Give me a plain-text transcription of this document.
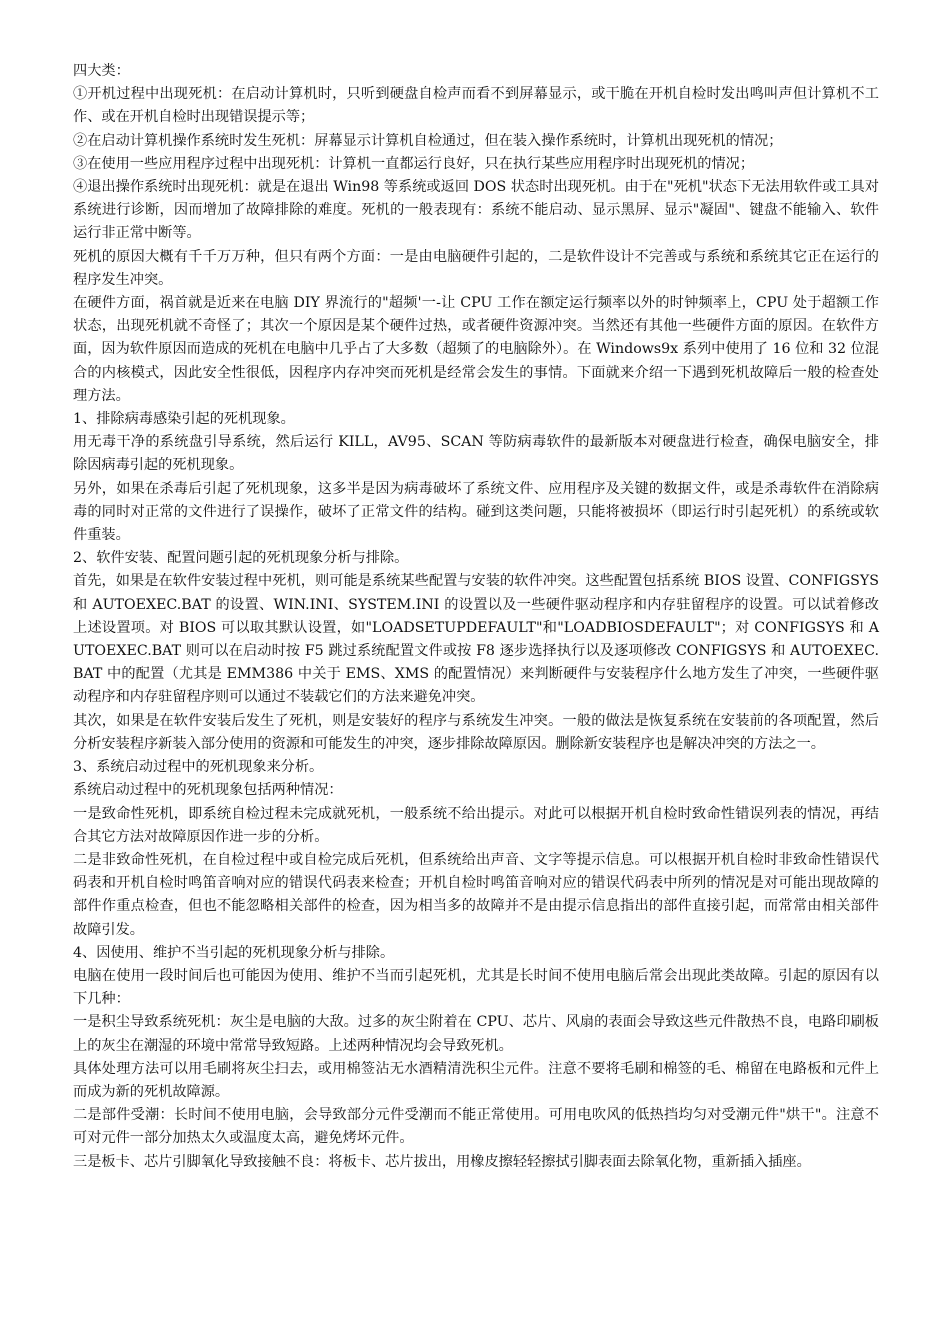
四大类：

①开机过程中出现死机：在启动计算机时，只听到硬盘自检声而看不到屏幕显示，或干脆在开机自检时发出鸣叫声但计算机不工作、或在开机自检时出现错误提示等；

②在启动计算机操作系统时发生死机：屏幕显示计算机自检通过，但在装入操作系统时，计算机出现死机的情况；

③在使用一些应用程序过程中出现死机：计算机一直都运行良好，只在执行某些应用程序时出现死机的情况；

④退出操作系统时出现死机：就是在退出 Win98 等系统或返回 DOS 状态时出现死机。由于在"死机"状态下无法用软件或工具对系统进行诊断，因而增加了故障排除的难度。死机的一般表现有：系统不能启动、显示黑屏、显示"凝固"、键盘不能输入、软件运行非正常中断等。

死机的原因大概有千千万万种，但只有两个方面：一是由电脑硬件引起的，二是软件设计不完善或与系统和系统其它正在运行的程序发生冲突。

在硬件方面，祸首就是近来在电脑 DIY 界流行的"超频'一-让 CPU 工作在额定运行频率以外的时钟频率上，CPU 处于超额工作状态，出现死机就不奇怪了；其次一个原因是某个硬件过热，或者硬件资源冲突。当然还有其他一些硬件方面的原因。在软件方面，因为软件原因而造成的死机在电脑中几乎占了大多数（超频了的电脑除外）。在 Windows9x 系列中使用了 16 位和 32 位混合的内核模式，因此安全性很低，因程序内存冲突而死机是经常会发生的事情。下面就来介绍一下遇到死机故障后一般的检查处理方法。

1、排除病毒感染引起的死机现象。

用无毒干净的系统盘引导系统，然后运行 KILL，AV95、SCAN 等防病毒软件的最新版本对硬盘进行检查，确保电脑安全，排除因病毒引起的死机现象。

另外，如果在杀毒后引起了死机现象，这多半是因为病毒破坏了系统文件、应用程序及关键的数据文件，或是杀毒软件在消除病毒的同时对正常的文件进行了误操作，破坏了正常文件的结构。碰到这类问题，只能将被损坏（即运行时引起死机）的系统或软件重装。

2、软件安装、配置问题引起的死机现象分析与排除。

首先，如果是在软件安装过程中死机，则可能是系统某些配置与安装的软件冲突。这些配置包括系统 BIOS 设置、CONFIGSYS 和 AUTOEXEC.BAT 的设置、WIN.INI、SYSTEM.INI 的设置以及一些硬件驱动程序和内存驻留程序的设置。可以试着修改上述设置项。对 BIOS 可以取其默认设置，如"LOADSETUPDEFAULT"和"LOADBIOSDEFAULT"；对 CONFIGSYS 和 AUTOEXEC.BAT 则可以在启动时按 F5 跳过系统配置文件或按 F8 逐步选择执行以及逐项修改 CONFIGSYS 和 AUTOEXEC.BAT 中的配置（尤其是 EMM386 中关于 EMS、XMS 的配置情况）来判断硬件与安装程序什么地方发生了冲突，一些硬件驱动程序和内存驻留程序则可以通过不装载它们的方法来避免冲突。

其次，如果是在软件安装后发生了死机，则是安装好的程序与系统发生冲突。一般的做法是恢复系统在安装前的各项配置，然后分析安装程序新装入部分使用的资源和可能发生的冲突，逐步排除故障原因。删除新安装程序也是解决冲突的方法之一。

3、系统启动过程中的死机现象来分析。

系统启动过程中的死机现象包括两种情况：

一是致命性死机，即系统自检过程未完成就死机，一般系统不给出提示。对此可以根据开机自检时致命性错误列表的情况，再结合其它方法对故障原因作进一步的分析。

二是非致命性死机，在自检过程中或自检完成后死机，但系统给出声音、文字等提示信息。可以根据开机自检时非致命性错误代码表和开机自检时鸣笛音响对应的错误代码表来检查；开机自检时鸣笛音响对应的错误代码表中所列的情况是对可能出现故障的部件作重点检查，但也不能忽略相关部件的检查，因为相当多的故障并不是由提示信息指出的部件直接引起，而常常由相关部件故障引发。

4、因使用、维护不当引起的死机现象分析与排除。

电脑在使用一段时间后也可能因为使用、维护不当而引起死机，尤其是长时间不使用电脑后常会出现此类故障。引起的原因有以下几种：

一是积尘导致系统死机：灰尘是电脑的大敌。过多的灰尘附着在 CPU、芯片、风扇的表面会导致这些元件散热不良，电路印刷板上的灰尘在潮湿的环境中常常导致短路。上述两种情况均会导致死机。

具体处理方法可以用毛刷将灰尘扫去，或用棉签沾无水酒精清洗积尘元件。注意不要将毛刷和棉签的毛、棉留在电路板和元件上而成为新的死机故障源。

二是部件受潮：长时间不使用电脑，会导致部分元件受潮而不能正常使用。可用电吹风的低热挡均匀对受潮元件"烘干"。注意不可对元件一部分加热太久或温度太高，避免烤坏元件。

三是板卡、芯片引脚氧化导致接触不良：将板卡、芯片拔出，用橡皮擦轻轻擦拭引脚表面去除氧化物，重新插入插座。
